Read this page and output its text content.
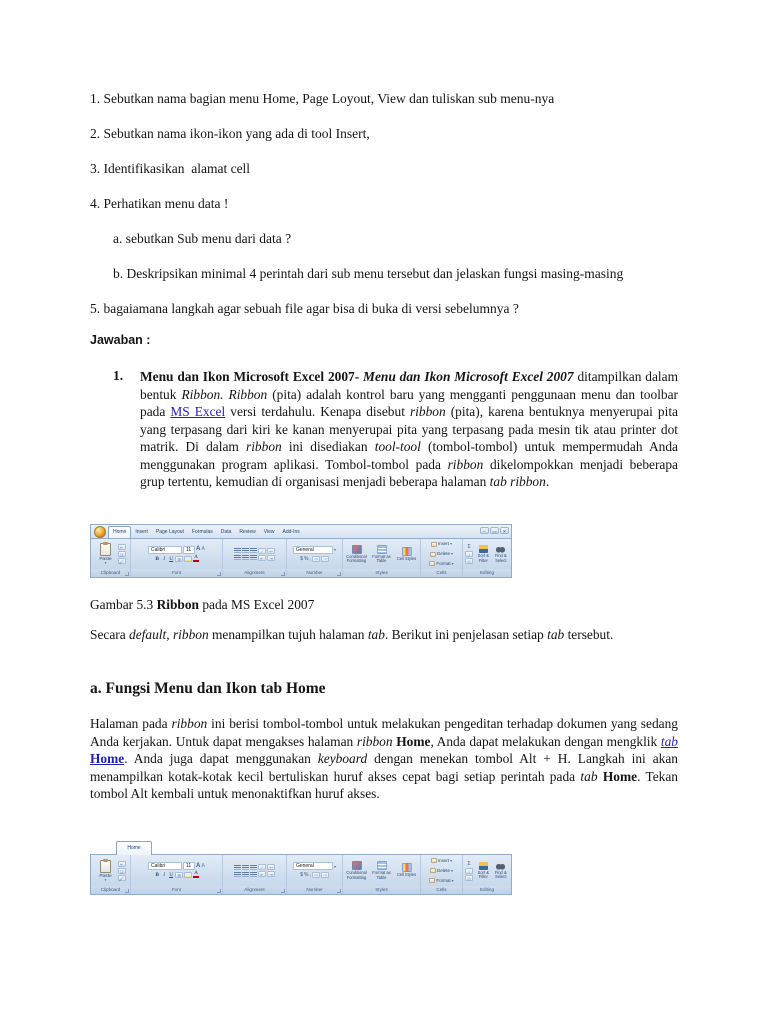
1. Sebutkan nama bagian menu Home, Page Loyout, View dan tuliskan sub menu-nya
2. Sebutkan nama ikon-ikon yang ada di tool Insert,
3. Identifikasikan  alamat cell
4. Perhatikan menu data !
a. sebutkan Sub menu dari data ?
b. Deskripsikan minimal 4 perintah dari sub menu tersebut dan jelaskan fungsi masing-masing
5. bagaiamana langkah agar sebuah file agar bisa di buka di versi sebelumnya ?
Jawaban :
1. Menu dan Ikon Microsoft Excel 2007- Menu dan Ikon Microsoft Excel 2007 ditampilkan dalam bentuk Ribbon. Ribbon (pita) adalah kontrol baru yang mengganti penggunaan menu dan toolbar pada MS Excel versi terdahulu. Kenapa disebut ribbon (pita), karena bentuknya menyerupai pita yang terpasang dari kiri ke kanan menyerupai pita yang terpasang pada mesin tik atau printer dot matrik. Di dalam ribbon ini disediakan tool-tool (tombol-tombol) untuk mempermudah Anda menggunakan program aplikasi. Tombol-tombol pada ribbon dikelompokkan menjadi beberapa grup tertentu, kemudian di organisasi menjadi beberapa halaman tab ribbon.
Home	Insert	Page Layout	Formulas	Data	Review	View	Add-Ins	–	▭	✕
Paste
▾
✂
❏
🖌
Clipboard
Calibri	11 A A
B I U	⊞	A
Font
⟋	↩
⇤	⇥
Alignment
General	▾
$ % , ⁺⁰	⁻⁰
Number
Conditional Formatting
Format as Table	Cell Styles
Styles
Insert ▾
Delete ▾
Format ▾
Cells
Σ
↓
◇
Sort & Filter
Find & Select
Editing
Gambar 5.3 Ribbon pada MS Excel 2007
Secara default, ribbon menampilkan tujuh halaman tab. Berikut ini penjelasan setiap tab tersebut.
a. Fungsi Menu dan Ikon tab Home
Halaman pada ribbon ini berisi tombol-tombol untuk melakukan pengeditan terhadap dokumen yang sedang Anda kerjakan. Untuk dapat mengakses halaman ribbon Home, Anda dapat melakukan dengan mengklik tab Home. Anda juga dapat menggunakan keyboard dengan menekan tombol Alt + H. Langkah ini akan menampilkan kotak-kotak kecil bertuliskan huruf akses cepat bagi setiap perintah pada tab Home. Tekan tombol Alt kembali untuk menonaktifkan huruf akses.
Home
Paste
▾
✂
❏
🖌
Clipboard
Calibri	11 A A
B I U	⊞	A
Font
⟋	↩
⇤	⇥
Alignment
General	▾
$ % , ⁺⁰	⁻⁰
Number
Conditional Formatting
Format as Table	Cell Styles
Styles
Insert ▾
Delete ▾
Format ▾
Cells
Σ
↓
◇
Sort & Filter
Find & Select
Editing
